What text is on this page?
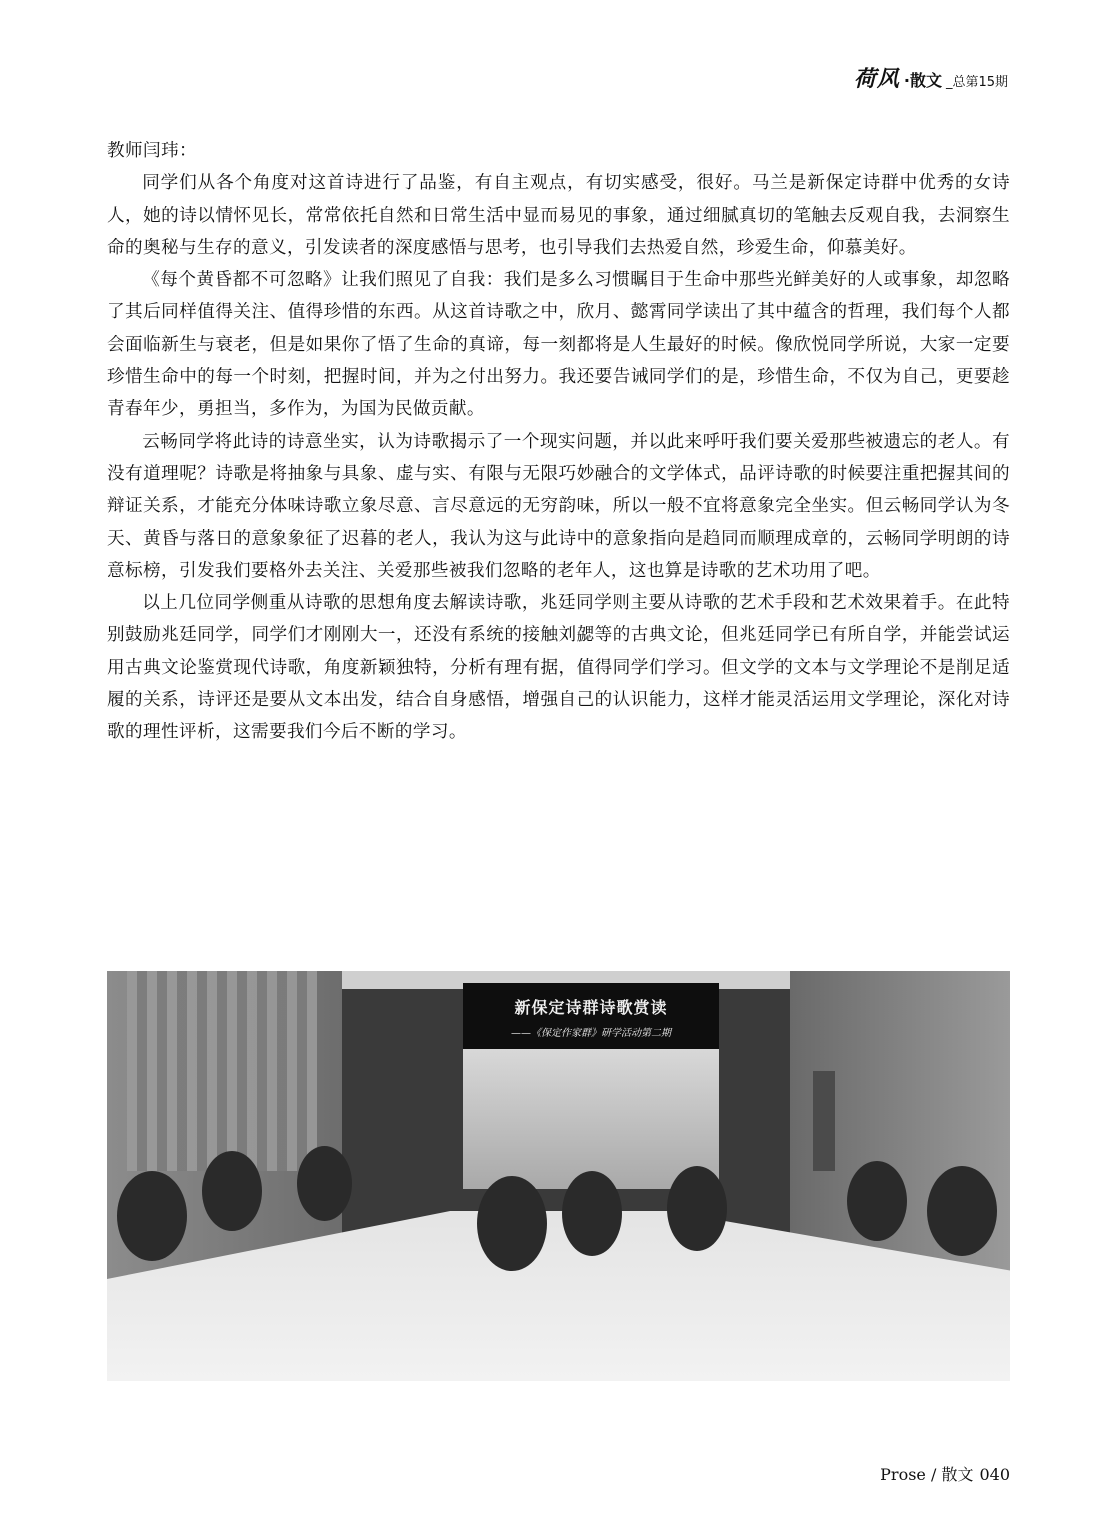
荷风 ·散文 _总第15期

教师闫玮：

同学们从各个角度对这首诗进行了品鉴，有自主观点，有切实感受，很好。马兰是新保定诗群中优秀的女诗人，她的诗以情怀见长，常常依托自然和日常生活中显而易见的事象，通过细腻真切的笔触去反观自我，去洞察生命的奥秘与生存的意义，引发读者的深度感悟与思考，也引导我们去热爱自然，珍爱生命，仰慕美好。

《每个黄昏都不可忽略》让我们照见了自我：我们是多么习惯瞩目于生命中那些光鲜美好的人或事象，却忽略了其后同样值得关注、值得珍惜的东西。从这首诗歌之中，欣月、懿霄同学读出了其中蕴含的哲理，我们每个人都会面临新生与衰老，但是如果你了悟了生命的真谛，每一刻都将是人生最好的时候。像欣悦同学所说，大家一定要珍惜生命中的每一个时刻，把握时间，并为之付出努力。我还要告诫同学们的是，珍惜生命，不仅为自己，更要趁青春年少，勇担当，多作为，为国为民做贡献。

云畅同学将此诗的诗意坐实，认为诗歌揭示了一个现实问题，并以此来呼吁我们要关爱那些被遗忘的老人。有没有道理呢？诗歌是将抽象与具象、虚与实、有限与无限巧妙融合的文学体式，品评诗歌的时候要注重把握其间的辩证关系，才能充分体味诗歌立象尽意、言尽意远的无穷韵味，所以一般不宜将意象完全坐实。但云畅同学认为冬天、黄昏与落日的意象象征了迟暮的老人，我认为这与此诗中的意象指向是趋同而顺理成章的，云畅同学明朗的诗意标榜，引发我们要格外去关注、关爱那些被我们忽略的老年人，这也算是诗歌的艺术功用了吧。

以上几位同学侧重从诗歌的思想角度去解读诗歌，兆廷同学则主要从诗歌的艺术手段和艺术效果着手。在此特别鼓励兆廷同学，同学们才刚刚大一，还没有系统的接触刘勰等的古典文论，但兆廷同学已有所自学，并能尝试运用古典文论鉴赏现代诗歌，角度新颖独特，分析有理有据，值得同学们学习。但文学的文本与文学理论不是削足适履的关系，诗评还是要从文本出发，结合自身感悟，增强自己的认识能力，这样才能灵活运用文学理论，深化对诗歌的理性评析，这需要我们今后不断的学习。

新保定诗群诗歌赏读
——《保定作家群》研学活动第二期
Prose / 散文 040
